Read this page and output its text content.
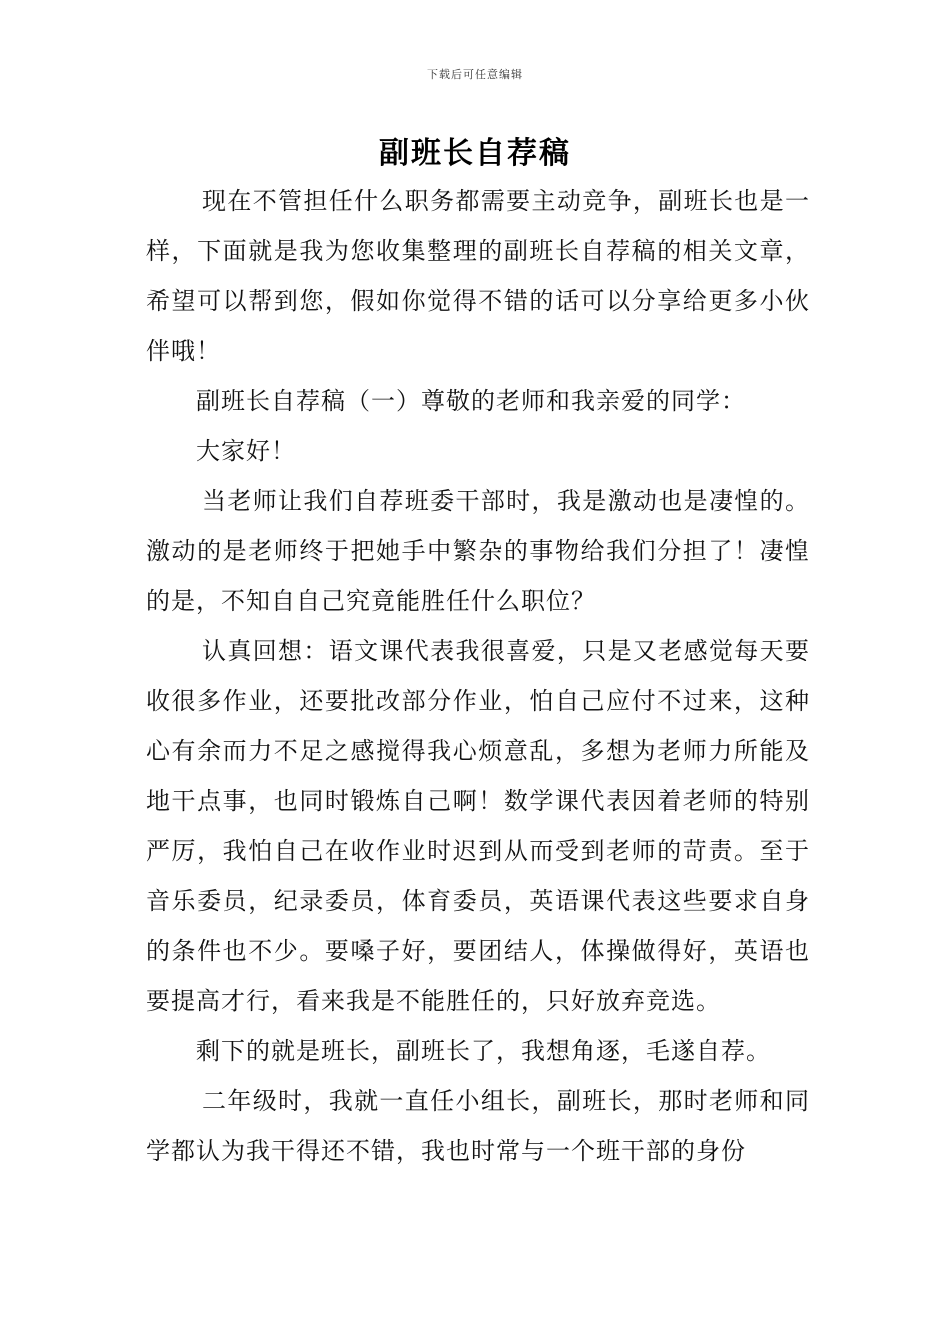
下载后可任意编辑
副班长自荐稿

现在不管担任什么职务都需要主动竞争，副班长也是一样，下面就是我为您收集整理的副班长自荐稿的相关文章，希望可以帮到您，假如你觉得不错的话可以分享给更多小伙伴哦！

副班长自荐稿（一）尊敬的老师和我亲爱的同学：

大家好！

当老师让我们自荐班委干部时，我是激动也是凄惶的。激动的是老师终于把她手中繁杂的事物给我们分担了！凄惶的是，不知自自己究竟能胜任什么职位？

认真回想：语文课代表我很喜爱，只是又老感觉每天要收很多作业，还要批改部分作业，怕自己应付不过来，这种心有余而力不足之感搅得我心烦意乱，多想为老师力所能及地干点事，也同时锻炼自己啊！数学课代表因着老师的特别严厉，我怕自己在收作业时迟到从而受到老师的苛责。至于音乐委员，纪录委员，体育委员，英语课代表这些要求自身的条件也不少。要嗓子好，要团结人，体操做得好，英语也要提高才行，看来我是不能胜任的，只好放弃竞选。

剩下的就是班长，副班长了，我想角逐，毛遂自荐。

二年级时，我就一直任小组长，副班长，那时老师和同学都认为我干得还不错，我也时常与一个班干部的身份
